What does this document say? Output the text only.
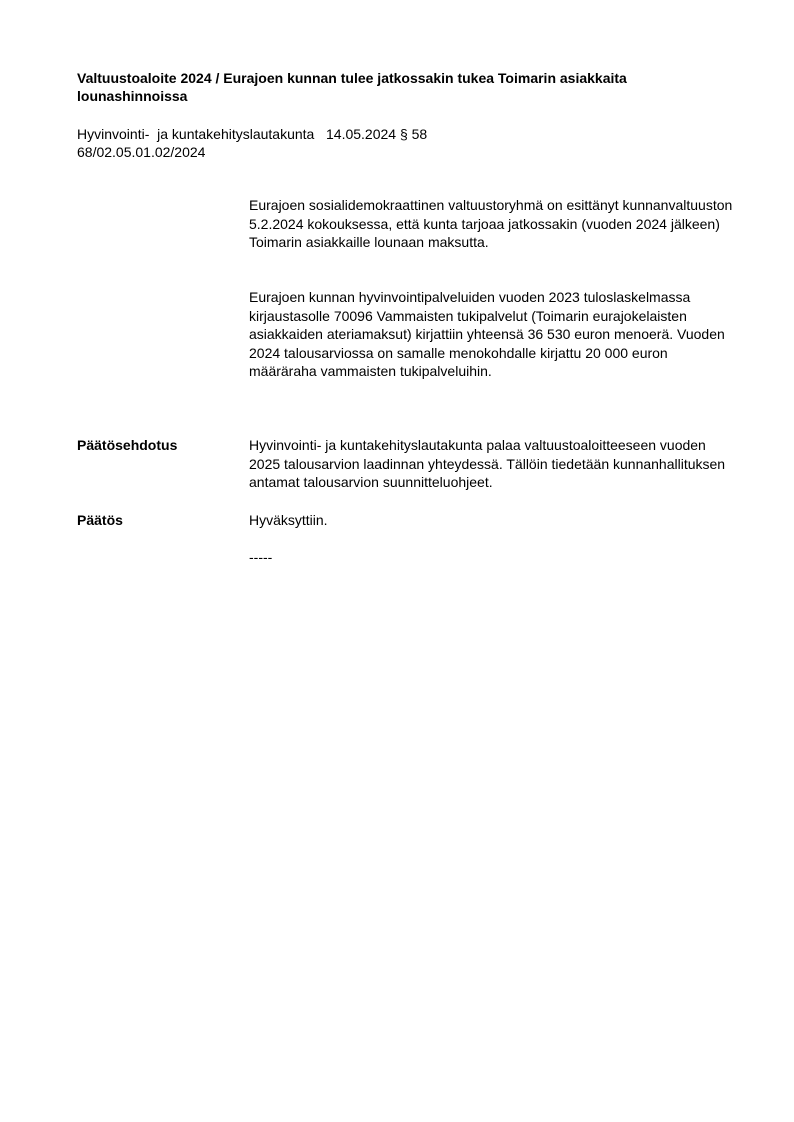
Valtuustoaloite 2024 / Eurajoen kunnan tulee jatkossakin tukea Toimarin asiakkaita lounashinnoissa
Hyvinvointi-  ja kuntakehityslautakunta   14.05.2024 § 58
68/02.05.01.02/2024

Eurajoen sosialidemokraattinen valtuustoryhmä on esittänyt kunnanvaltuuston 5.2.2024 kokouksessa, että kunta tarjoaa jatkossakin (vuoden 2024 jälkeen) Toimarin asiakkaille lounaan maksutta.

Eurajoen kunnan hyvinvointipalveluiden vuoden 2023 tuloslaskelmassa kirjaustasolle 70096 Vammaisten tukipalvelut (Toimarin eurajokelaisten asiakkaiden ateriamaksut) kirjattiin yhteensä 36 530 euron menoerä. Vuoden 2024 talousarviossa on samalle menokohdalle kirjattu 20 000 euron määräraha vammaisten tukipalveluihin.

Päätösehdotus	Hyvinvointi- ja kuntakehityslautakunta palaa valtuustoaloitteeseen vuoden 2025 talousarvion laadinnan yhteydessä. Tällöin tiedetään kunnanhallituksen antamat talousarvion suunnitteluohjeet.

Päätös	Hyväksyttiin.

-----
